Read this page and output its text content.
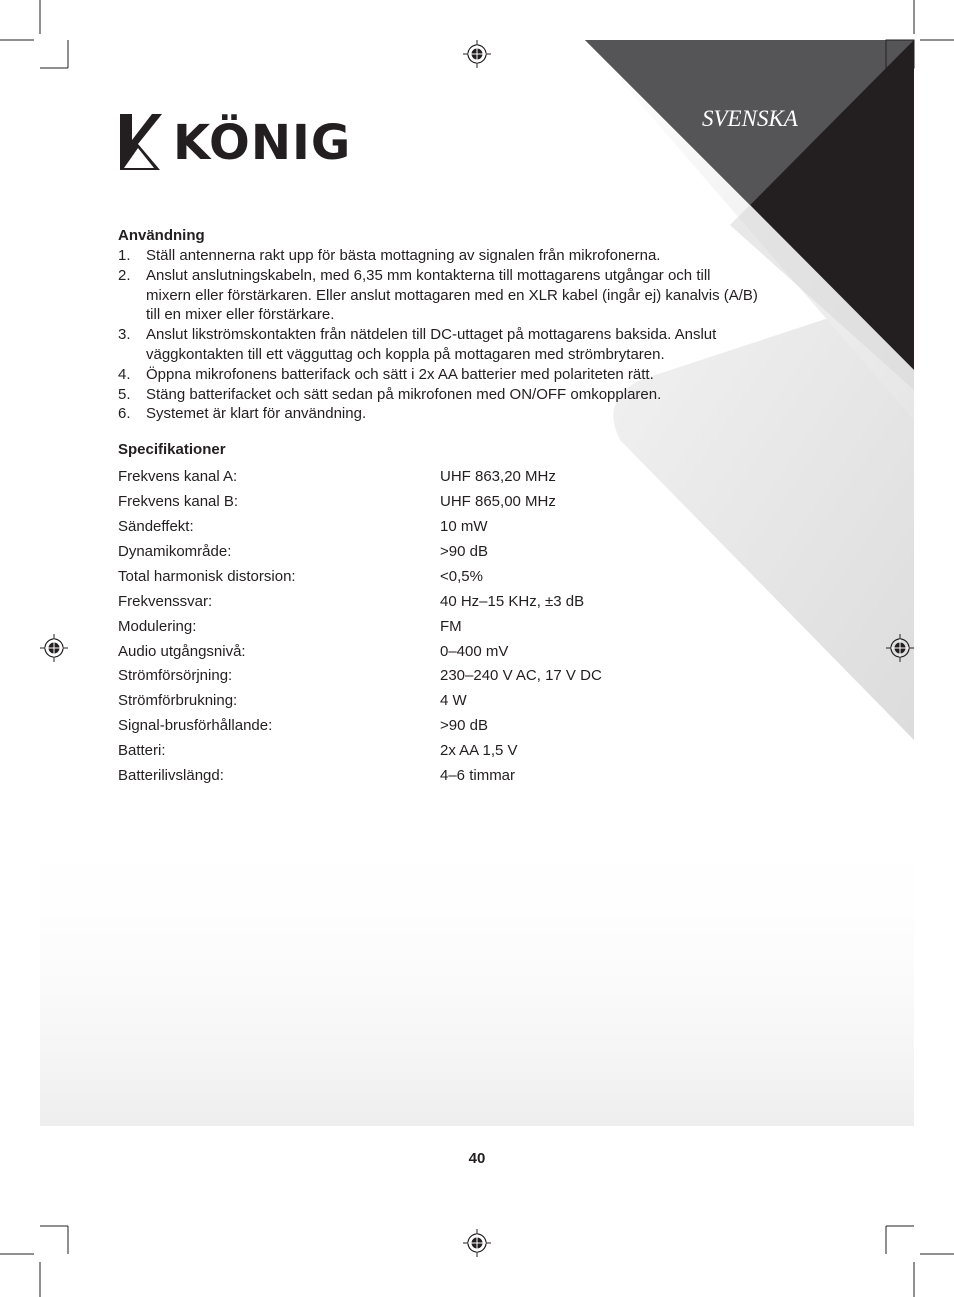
KÖNIG	SVENSKA
Användning
1. Ställ antennerna rakt upp för bästa mottagning av signalen från mikrofonerna.
2. Anslut anslutningskabeln, med 6,35 mm kontakterna till mottagarens utgångar och till mixern eller förstärkaren. Eller anslut mottagaren med en XLR kabel (ingår ej) kanalvis (A/B) till en mixer eller förstärkare.
3. Anslut likströmskontakten från nätdelen till DC-uttaget på mottagarens baksida. Anslut väggkontakten till ett vägguttag och koppla på mottagaren med strömbrytaren.
4. Öppna mikrofonens batterifack och sätt i 2x AA batterier med polariteten rätt.
5. Stäng batterifacket och sätt sedan på mikrofonen med ON/OFF omkopplaren.
6. Systemet är klart för användning.
Specifikationer
Frekvens kanal A:	UHF 863,20 MHz
Frekvens kanal B:	UHF 865,00 MHz
Sändeffekt:	10 mW
Dynamikområde:	>90 dB
Total harmonisk distorsion:	<0,5%
Frekvenssvar:	40 Hz–15 KHz, ±3 dB
Modulering:	FM
Audio utgångsnivå:	0–400 mV
Strömförsörjning:	230–240 V AC, 17 V DC
Strömförbrukning:	4 W
Signal-brusförhållande:	>90 dB
Batteri:	2x AA 1,5 V
Batterilivslängd:	4–6 timmar
40
